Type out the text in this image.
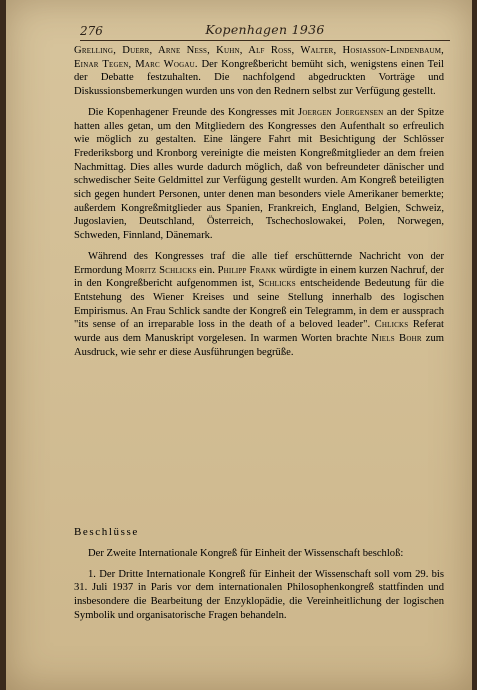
276	Kopenhagen 1936

Grelling, Duerr, Arne Ness, Kuhn, Alf Ross, Walter, Hosiasson-Lindenbaum, Einar Tegen, Marc Wogau. Der Kongreßbericht bemüht sich, wenigstens einen Teil der Debatte festzuhalten. Die nachfolgend abgedruckten Vorträge und Diskussionsbemerkungen wurden uns von den Rednern selbst zur Verfügung gestellt.

Die Kopenhagener Freunde des Kongresses mit Joergen Joergensen an der Spitze hatten alles getan, um den Mitgliedern des Kongresses den Aufenthalt so erfreulich wie möglich zu gestalten. Eine längere Fahrt mit Besichtigung der Schlösser Frederiksborg und Kronborg vereinigte die meisten Kongreßmitglieder an dem freien Nachmittag. Dies alles wurde dadurch möglich, daß von befreundeter dänischer und schwedischer Seite Geldmittel zur Verfügung gestellt wurden. Am Kongreß beteiligten sich gegen hundert Personen, unter denen man besonders viele Amerikaner bemerkte; außerdem Kongreßmitglieder aus Spanien, Frankreich, England, Belgien, Schweiz, Jugoslavien, Deutschland, Österreich, Tschechoslowakei, Polen, Norwegen, Schweden, Finnland, Dänemark.

Während des Kongresses traf die alle tief erschütternde Nachricht von der Ermordung Moritz Schlicks ein. Philipp Frank würdigte in einem kurzen Nachruf, der in den Kongreßbericht aufgenommen ist, Schlicks entscheidende Bedeutung für die Entstehung des Wiener Kreises und seine Stellung innerhalb des logischen Empirismus. An Frau Schlick sandte der Kongreß ein Telegramm, in dem er aussprach "its sense of an irreparable loss in the death of a beloved leader". Chlicks Referat wurde aus dem Manuskript vorgelesen. In warmen Worten brachte Niels Bohr zum Ausdruck, wie sehr er diese Ausführungen begrüße.

Beschlüsse

Der Zweite Internationale Kongreß für Einheit der Wissenschaft beschloß:

1. Der Dritte Internationale Kongreß für Einheit der Wissenschaft soll vom 29. bis 31. Juli 1937 in Paris vor dem internationalen Philosophenkongreß stattfinden und insbesondere die Bearbeitung der Enzyklopädie, die Vereinheitlichung der logischen Symbolik und organisatorische Fragen behandeln.
